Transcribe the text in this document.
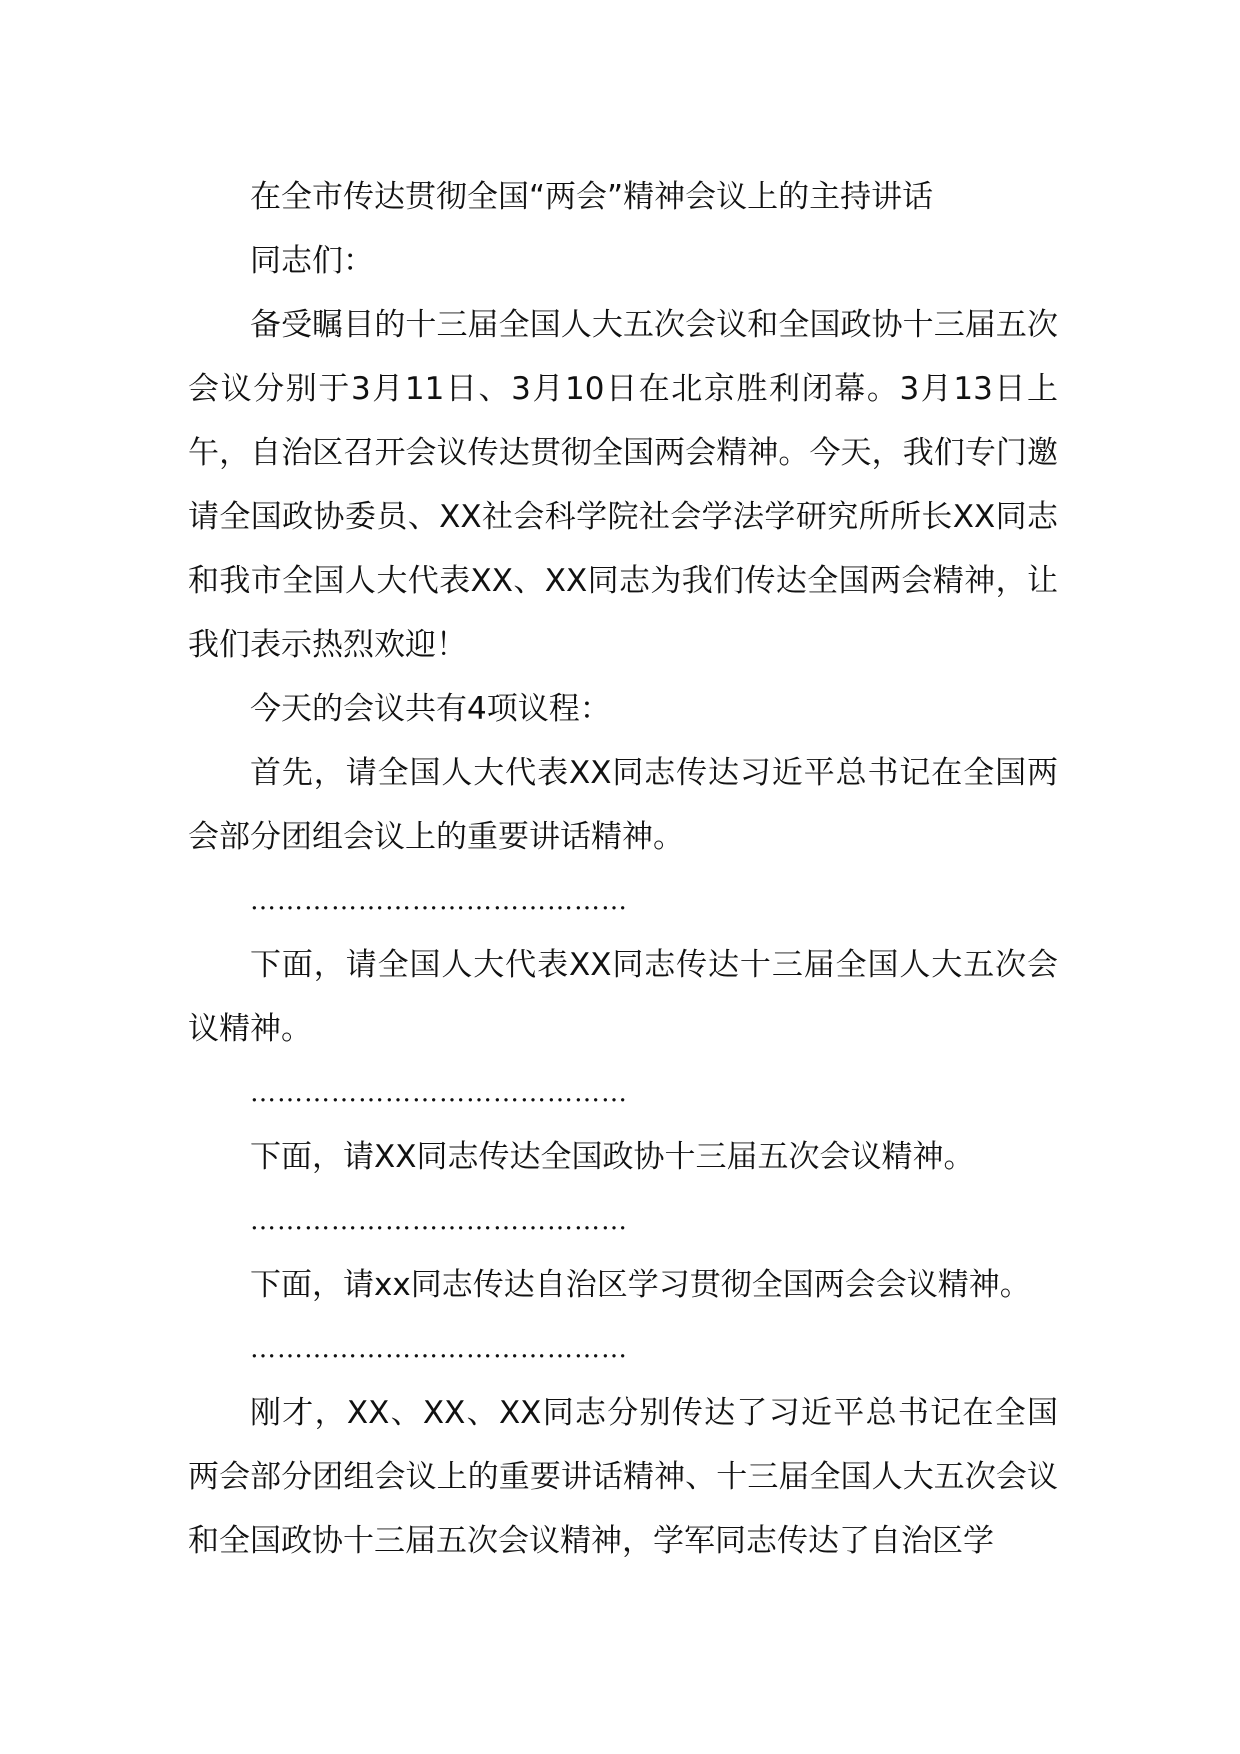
在全市传达贯彻全国“两会”精神会议上的主持讲话

同志们：

备受瞩目的十三届全国人大五次会议和全国政协十三届五次会议分别于3月11日、3月10日在北京胜利闭幕。3月13日上午，自治区召开会议传达贯彻全国两会精神。今天，我们专门邀请全国政协委员、XX社会科学院社会学法学研究所所长XX同志和我市全国人大代表XX、XX同志为我们传达全国两会精神，让我们表示热烈欢迎！

今天的会议共有4项议程：

首先，请全国人大代表XX同志传达习近平总书记在全国两会部分团组会议上的重要讲话精神。

……………………………………

下面，请全国人大代表XX同志传达十三届全国人大五次会议精神。

……………………………………

下面，请XX同志传达全国政协十三届五次会议精神。

……………………………………

下面，请xx同志传达自治区学习贯彻全国两会会议精神。

……………………………………

刚才，XX、XX、XX同志分别传达了习近平总书记在全国两会部分团组会议上的重要讲话精神、十三届全国人大五次会议和全国政协十三届五次会议精神，学军同志传达了自治区学
